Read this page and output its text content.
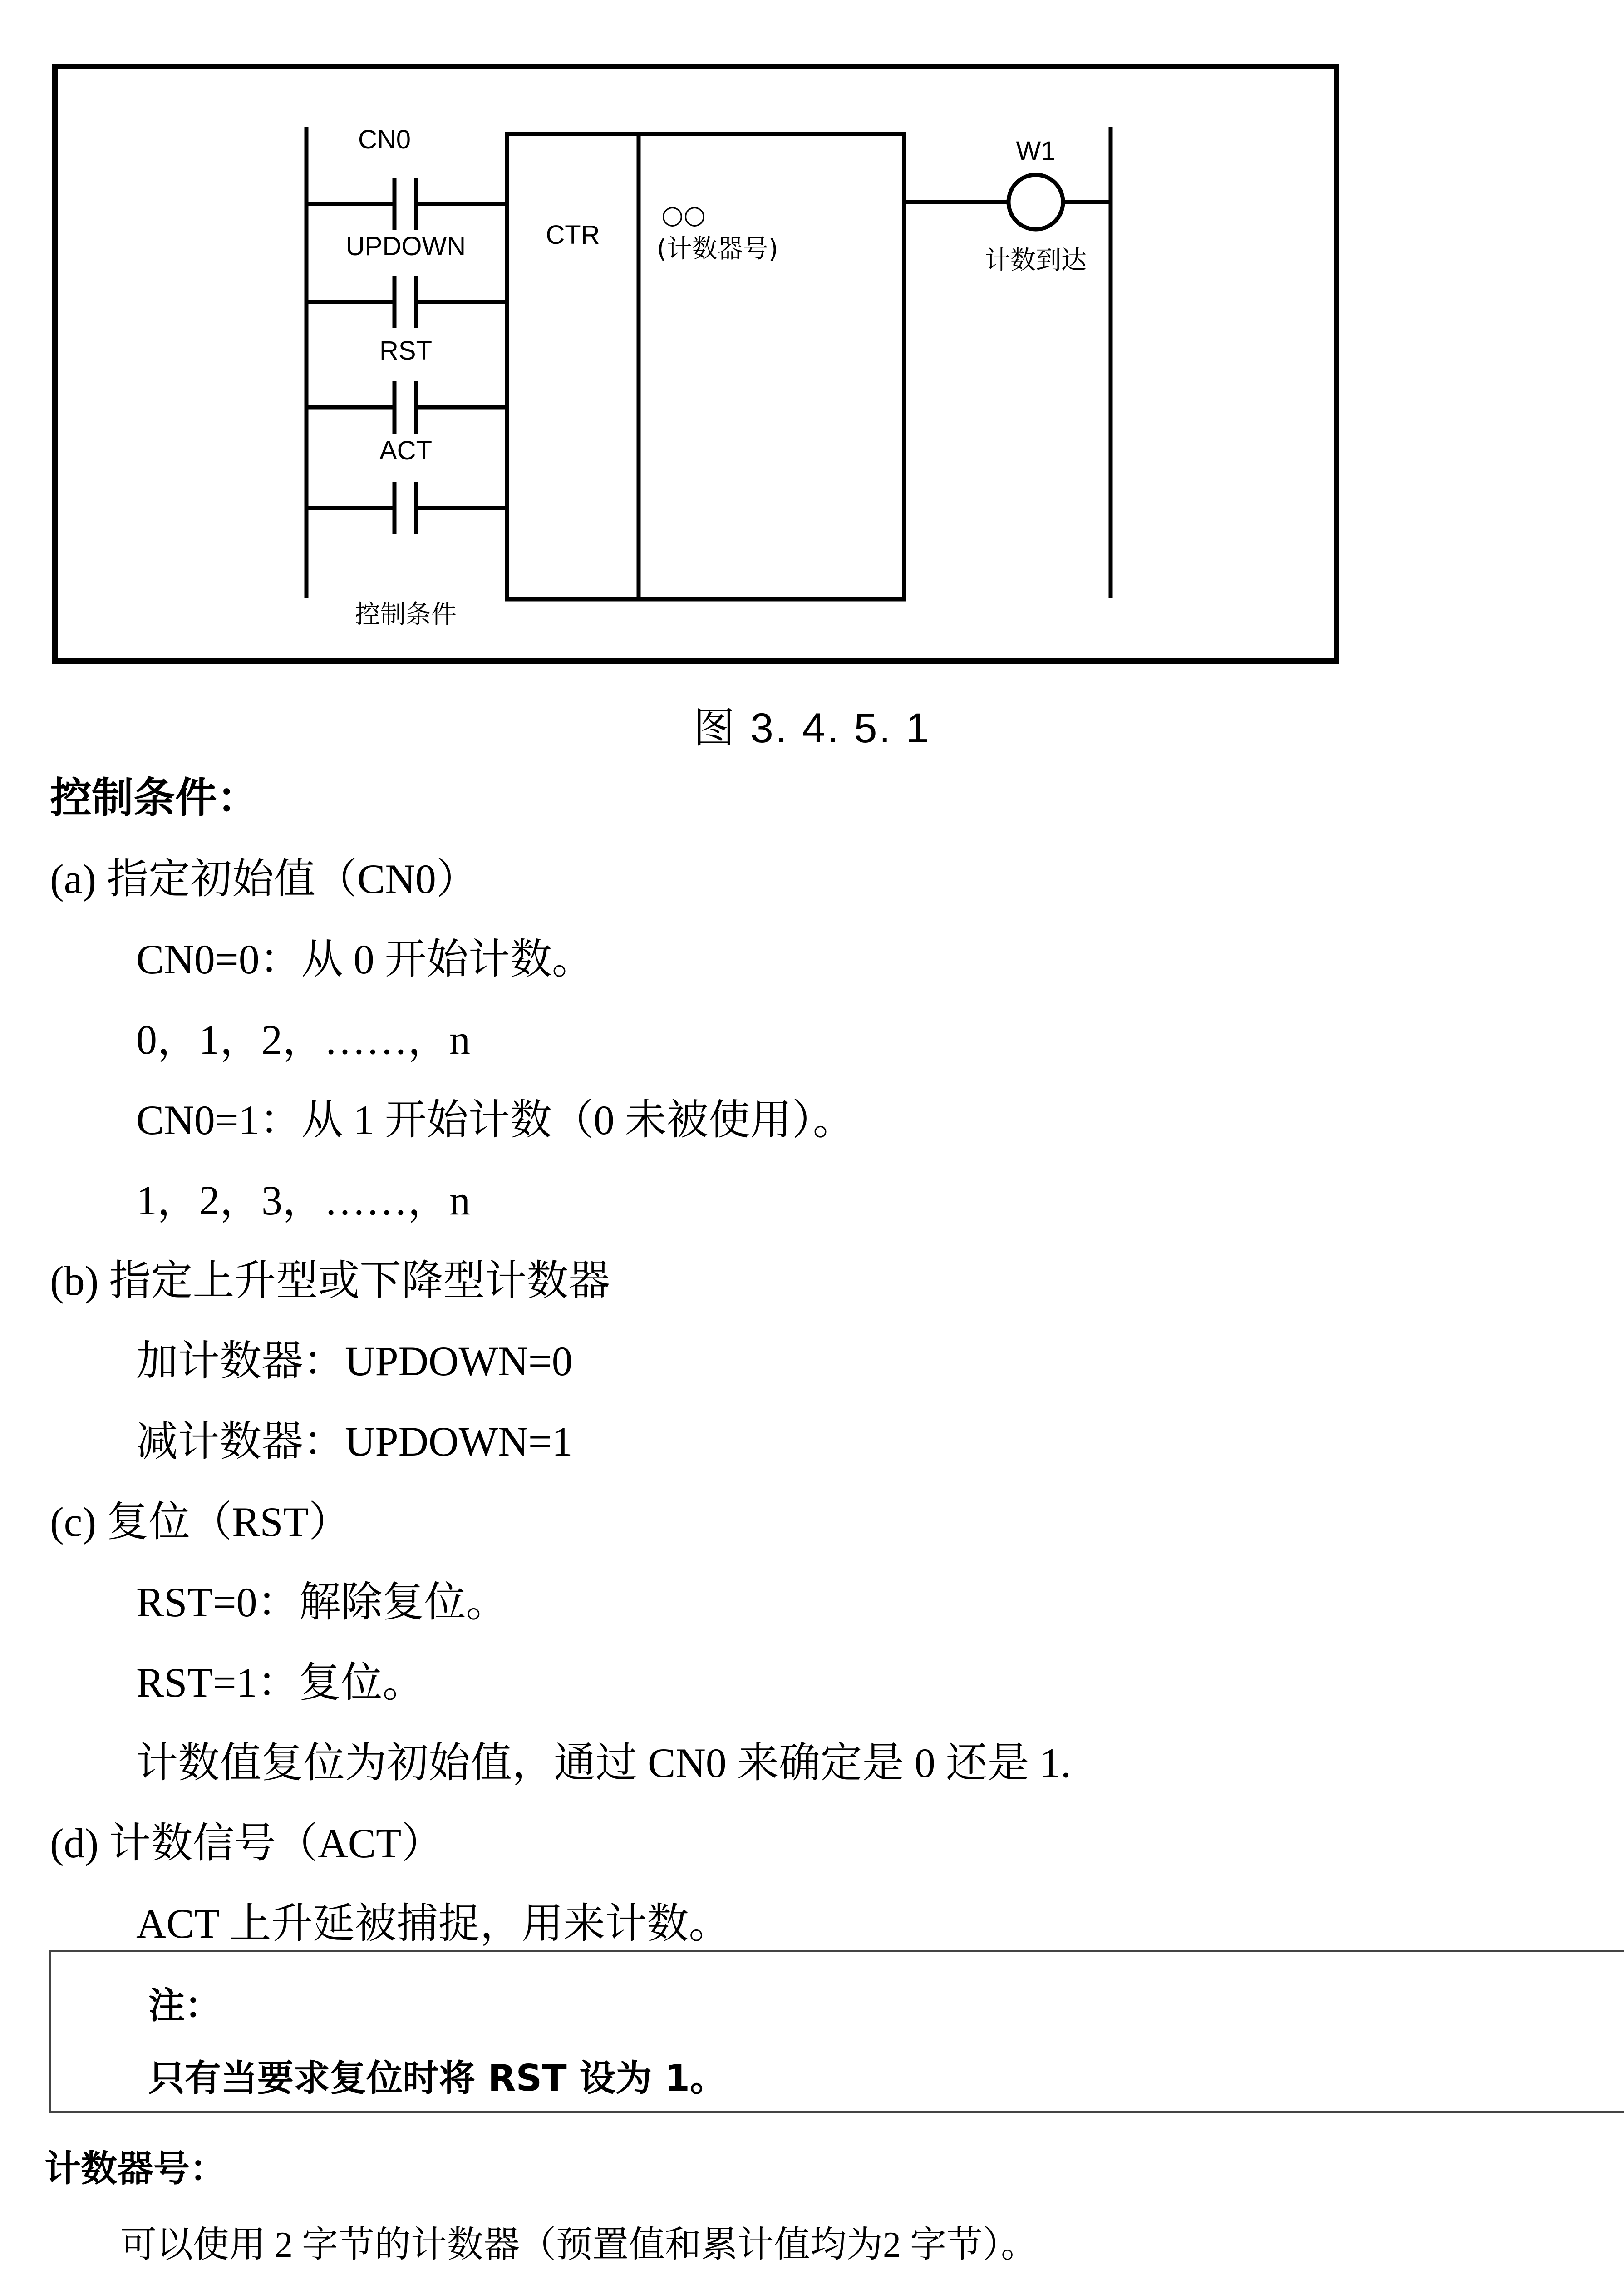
CN0
UPDOWN
RST
ACT
控制条件
CTR
○○
(计数器号)
W1
计数到达
图 3. 4. 5. 1
控制条件：
(a) 指定初始值（CN0）
CN0=0：从 0 开始计数。
0，1，2，……，n
CN0=1：从 1 开始计数（0 未被使用）。
1，2，3，……，n
(b) 指定上升型或下降型计数器
加计数器：UPDOWN=0
减计数器：UPDOWN=1
(c) 复位（RST）
RST=0：解除复位。
RST=1：复位。
计数值复位为初始值，通过 CN0 来确定是 0 还是 1.
(d) 计数信号（ACT）
ACT 上升延被捕捉，用来计数。
注：
只有当要求复位时将 RST 设为 1。
计数器号：
可以使用 2 字节的计数器（预置值和累计值均为2 字节）。
